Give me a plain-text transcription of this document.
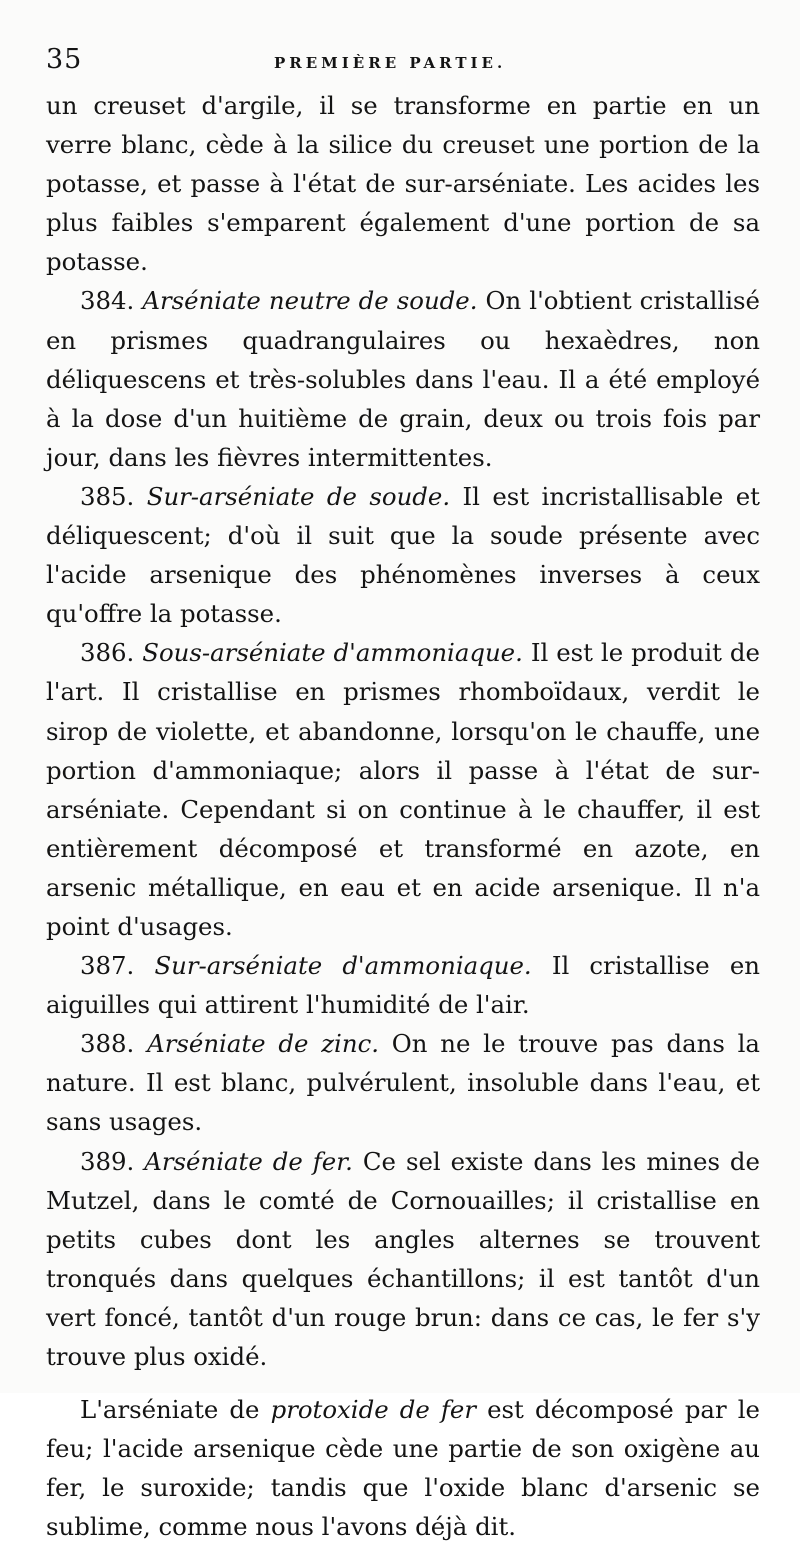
35	PREMIÈRE PARTIE.

un creuset d'argile, il se transforme en partie en un verre blanc, cède à la silice du creuset une portion de la potasse, et passe à l'état de sur-arséniate. Les acides les plus faibles s'emparent également d'une portion de sa potasse.

384. Arséniate neutre de soude. On l'obtient cristallisé en prismes quadrangulaires ou hexaèdres, non déliquescens et très-solubles dans l'eau. Il a été employé à la dose d'un huitième de grain, deux ou trois fois par jour, dans les fièvres intermittentes.

385. Sur-arséniate de soude. Il est incristallisable et déliquescent; d'où il suit que la soude présente avec l'acide arsenique des phénomènes inverses à ceux qu'offre la potasse.

386. Sous-arséniate d'ammoniaque. Il est le produit de l'art. Il cristallise en prismes rhomboïdaux, verdit le sirop de violette, et abandonne, lorsqu'on le chauffe, une portion d'ammoniaque; alors il passe à l'état de sur-arséniate. Cependant si on continue à le chauffer, il est entièrement décomposé et transformé en azote, en arsenic métallique, en eau et en acide arsenique. Il n'a point d'usages.

387. Sur-arséniate d'ammoniaque. Il cristallise en aiguilles qui attirent l'humidité de l'air.

388. Arséniate de zinc. On ne le trouve pas dans la nature. Il est blanc, pulvérulent, insoluble dans l'eau, et sans usages.

389. Arséniate de fer. Ce sel existe dans les mines de Mutzel, dans le comté de Cornouailles; il cristallise en petits cubes dont les angles alternes se trouvent tronqués dans quelques échantillons; il est tantôt d'un vert foncé, tantôt d'un rouge brun: dans ce cas, le fer s'y trouve plus oxidé.

L'arséniate de protoxide de fer est décomposé par le feu; l'acide arsenique cède une partie de son oxigène au fer, le suroxide; tandis que l'oxide blanc d'arsenic se sublime, comme nous l'avons déjà dit.
